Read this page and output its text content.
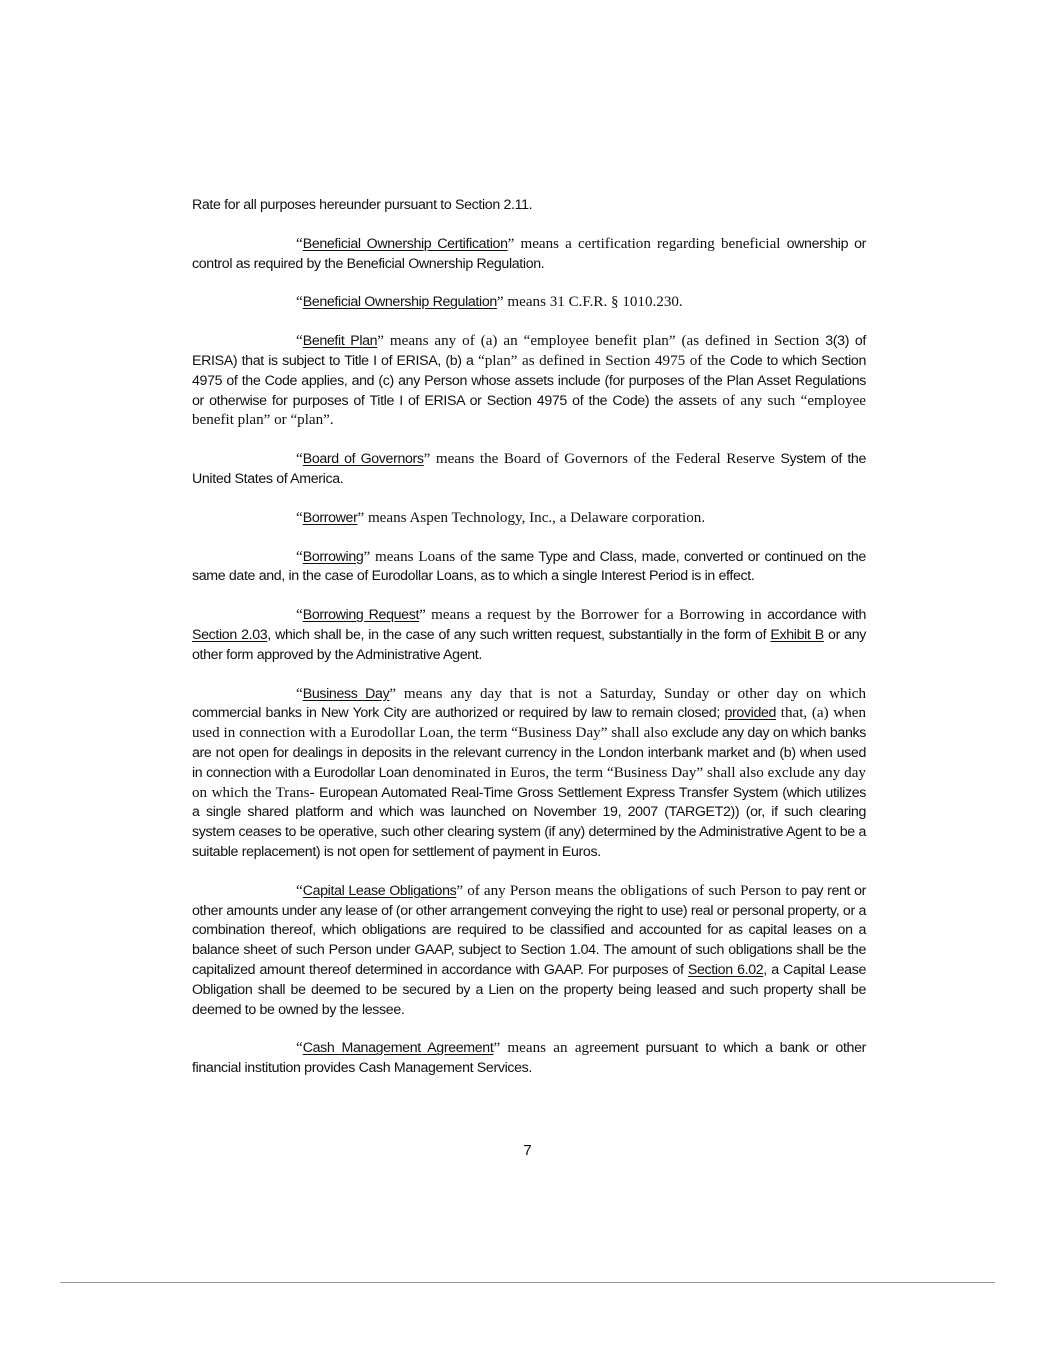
Rate for all purposes hereunder pursuant to Section 2.11.

“Beneficial Ownership Certification” means a certification regarding beneficial ownership or control as required by the Beneficial Ownership Regulation.

“Beneficial Ownership Regulation” means 31 C.F.R. § 1010.230.

“Benefit Plan” means any of (a) an “employee benefit plan” (as defined in Section 3(3) of ERISA) that is subject to Title I of ERISA, (b) a “plan” as defined in Section 4975 of the Code to which Section 4975 of the Code applies, and (c) any Person whose assets include (for purposes of the Plan Asset Regulations or otherwise for purposes of Title I of ERISA or Section 4975 of the Code) the assets of any such “employee benefit plan” or “plan”.

“Board of Governors” means the Board of Governors of the Federal Reserve System of the United States of America.

“Borrower” means Aspen Technology, Inc., a Delaware corporation.

“Borrowing” means Loans of the same Type and Class, made, converted or continued on the same date and, in the case of Eurodollar Loans, as to which a single Interest Period is in effect.

“Borrowing Request” means a request by the Borrower for a Borrowing in accordance with Section 2.03, which shall be, in the case of any such written request, substantially in the form of Exhibit B or any other form approved by the Administrative Agent.

“Business Day” means any day that is not a Saturday, Sunday or other day on which commercial banks in New York City are authorized or required by law to remain closed; provided that, (a) when used in connection with a Eurodollar Loan, the term “Business Day” shall also exclude any day on which banks are not open for dealings in deposits in the relevant currency in the London interbank market and (b) when used in connection with a Eurodollar Loan denominated in Euros, the term “Business Day” shall also exclude any day on which the Trans- European Automated Real-Time Gross Settlement Express Transfer System (which utilizes a single shared platform and which was launched on November 19, 2007 (TARGET2)) (or, if such clearing system ceases to be operative, such other clearing system (if any) determined by the Administrative Agent to be a suitable replacement) is not open for settlement of payment in Euros.

“Capital Lease Obligations” of any Person means the obligations of such Person to pay rent or other amounts under any lease of (or other arrangement conveying the right to use) real or personal property, or a combination thereof, which obligations are required to be classified and accounted for as capital leases on a balance sheet of such Person under GAAP, subject to Section 1.04. The amount of such obligations shall be the capitalized amount thereof determined in accordance with GAAP. For purposes of Section 6.02, a Capital Lease Obligation shall be deemed to be secured by a Lien on the property being leased and such property shall be deemed to be owned by the lessee.

“Cash Management Agreement” means an agreement pursuant to which a bank or other financial institution provides Cash Management Services.

7
